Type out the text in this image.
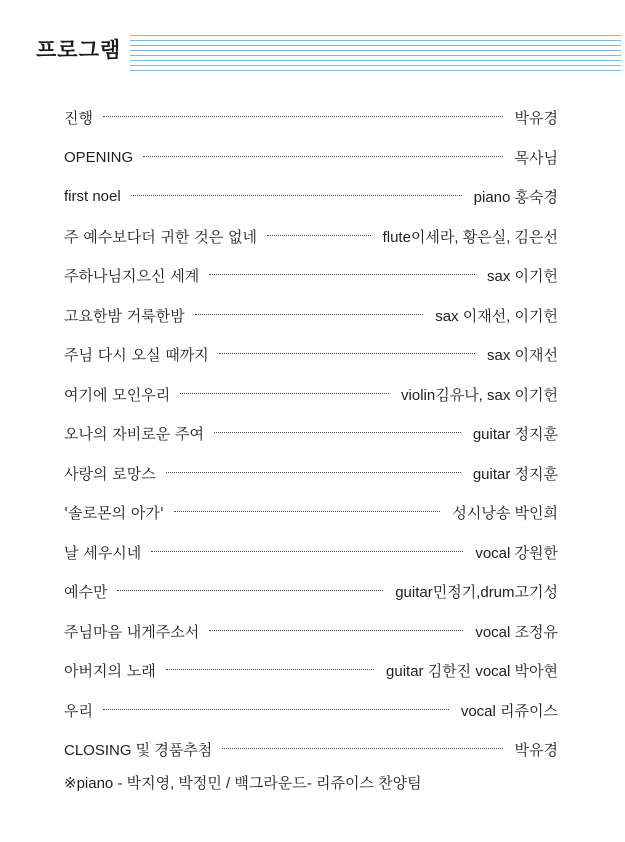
프로그램
진행	박유경
OPENING	목사님
first noel	piano 홍숙경
주 예수보다더 귀한 것은 없네	flute이세라, 황은실, 김은선
주하나님지으신 세계	sax 이기헌
고요한밤 거룩한밤	sax 이재선, 이기헌
주님 다시 오실 때까지	sax 이재선
여기에 모인우리	violin김유나, sax 이기헌
오나의 자비로운 주여	guitar 정지훈
사랑의 로망스	guitar 정지훈
'솔로몬의 아가'	성시낭송 박인희
날 세우시네	vocal 강원한
예수만	guitar민정기,drum고기성
주님마음 내게주소서	vocal 조정유
아버지의 노래	guitar 김한진 vocal 박아현
우리	vocal 리쥬이스
CLOSING 및 경품추첨	박유경
※piano - 박지영, 박정민 / 백그라운드- 리쥬이스 찬양팀
